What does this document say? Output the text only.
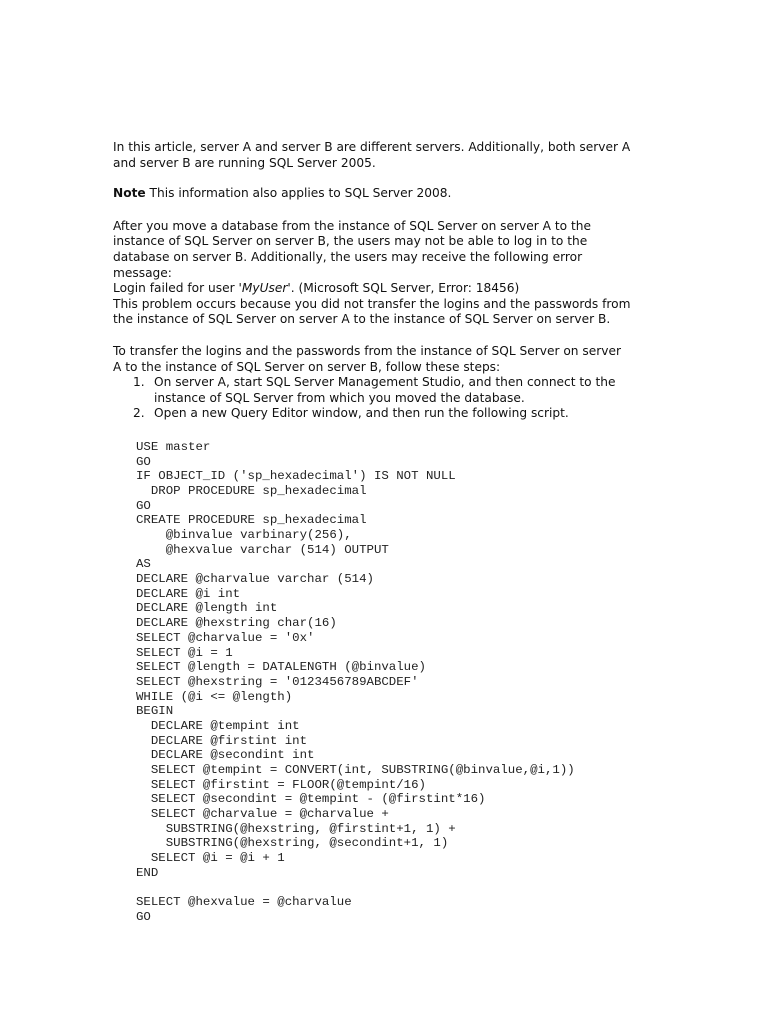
In this article, server A and server B are different servers. Additionally, both server A
and server B are running SQL Server 2005.
Note This information also applies to SQL Server 2008.
After you move a database from the instance of SQL Server on server A to the
instance of SQL Server on server B, the users may not be able to log in to the
database on server B. Additionally, the users may receive the following error
message:
Login failed for user 'MyUser'. (Microsoft SQL Server, Error: 18456)
This problem occurs because you did not transfer the logins and the passwords from
the instance of SQL Server on server A to the instance of SQL Server on server B.
To transfer the logins and the passwords from the instance of SQL Server on server
A to the instance of SQL Server on server B, follow these steps:
1. On server A, start SQL Server Management Studio, and then connect to the
instance of SQL Server from which you moved the database.
2. Open a new Query Editor window, and then run the following script.
USE master
GO
IF OBJECT_ID ('sp_hexadecimal') IS NOT NULL
DROP PROCEDURE sp_hexadecimal
GO
CREATE PROCEDURE sp_hexadecimal
@binvalue varbinary(256),
@hexvalue varchar (514) OUTPUT
AS
DECLARE @charvalue varchar (514)
DECLARE @i int
DECLARE @length int
DECLARE @hexstring char(16)
SELECT @charvalue = '0x'
SELECT @i = 1
SELECT @length = DATALENGTH (@binvalue)
SELECT @hexstring = '0123456789ABCDEF'
WHILE (@i <= @length)
BEGIN
DECLARE @tempint int
DECLARE @firstint int
DECLARE @secondint int
SELECT @tempint = CONVERT(int, SUBSTRING(@binvalue,@i,1))
SELECT @firstint = FLOOR(@tempint/16)
SELECT @secondint = @tempint - (@firstint*16)
SELECT @charvalue = @charvalue +
SUBSTRING(@hexstring, @firstint+1, 1) +
SUBSTRING(@hexstring, @secondint+1, 1)
SELECT @i = @i + 1
END
SELECT @hexvalue = @charvalue
GO
